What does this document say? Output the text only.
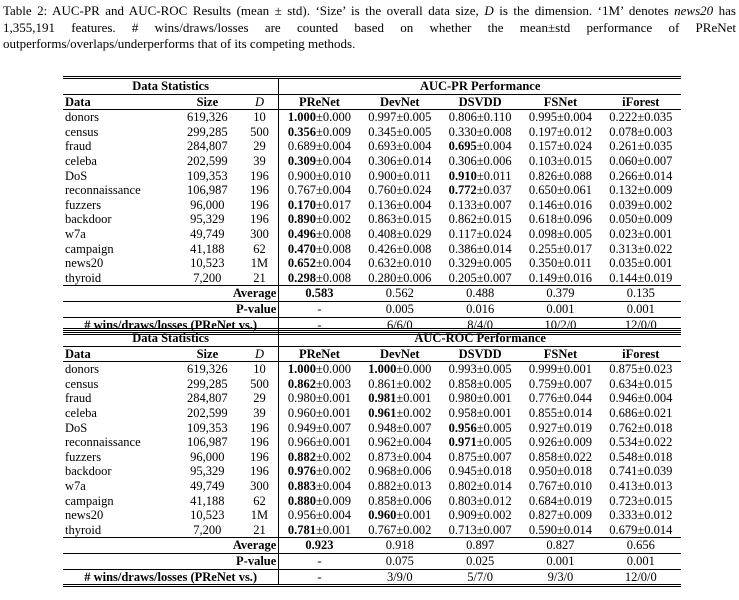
Table 2: AUC-PR and AUC-ROC Results (mean ± std). ‘Size’ is the overall data size, D is the dimension. ‘1M’ denotes news20 has 1,355,191 features. # wins/draws/losses are counted based on whether the mean±std performance of PReNet outperforms/overlaps/underperforms that of its competing methods.
Data Statistics			AUC-PR Performance				
Data	Size	D	PReNet	DevNet	DSVDD	FSNet	iForest
donors	619,326	10	1.000±0.000	0.997±0.005	0.806±0.110	0.995±0.004	0.222±0.035
census	299,285	500	0.356±0.009	0.345±0.005	0.330±0.008	0.197±0.012	0.078±0.003
fraud	284,807	29	0.689±0.004	0.693±0.004	0.695±0.004	0.157±0.024	0.261±0.035
celeba	202,599	39	0.309±0.004	0.306±0.014	0.306±0.006	0.103±0.015	0.060±0.007
DoS	109,353	196	0.900±0.010	0.900±0.011	0.910±0.011	0.826±0.088	0.266±0.014
reconnaissance	106,987	196	0.767±0.004	0.760±0.024	0.772±0.037	0.650±0.061	0.132±0.009
fuzzers	96,000	196	0.170±0.017	0.136±0.004	0.133±0.007	0.146±0.016	0.039±0.002
backdoor	95,329	196	0.890±0.002	0.863±0.015	0.862±0.015	0.618±0.096	0.050±0.009
w7a	49,749	300	0.496±0.008	0.408±0.029	0.117±0.024	0.098±0.005	0.023±0.001
campaign	41,188	62	0.470±0.008	0.426±0.008	0.386±0.014	0.255±0.017	0.313±0.022
news20	10,523	1M	0.652±0.004	0.632±0.010	0.329±0.005	0.350±0.011	0.035±0.001
thyroid	7,200	21	0.298±0.008	0.280±0.006	0.205±0.007	0.149±0.016	0.144±0.019
Average			0.583	0.562	0.488	0.379	0.135
P-value			-	0.005	0.016	0.001	0.001
# wins/draws/losses (PReNet vs.)			-	6/6/0	8/4/0	10/2/0	12/0/0
Data Statistics			AUC-ROC Performance				
Data	Size	D	PReNet	DevNet	DSVDD	FSNet	iForest
donors	619,326	10	1.000±0.000	1.000±0.000	0.993±0.005	0.999±0.001	0.875±0.023
census	299,285	500	0.862±0.003	0.861±0.002	0.858±0.005	0.759±0.007	0.634±0.015
fraud	284,807	29	0.980±0.001	0.981±0.001	0.980±0.001	0.776±0.044	0.946±0.004
celeba	202,599	39	0.960±0.001	0.961±0.002	0.958±0.001	0.855±0.014	0.686±0.021
DoS	109,353	196	0.949±0.007	0.948±0.007	0.956±0.005	0.927±0.019	0.762±0.018
reconnaissance	106,987	196	0.966±0.001	0.962±0.004	0.971±0.005	0.926±0.009	0.534±0.022
fuzzers	96,000	196	0.882±0.002	0.873±0.004	0.875±0.007	0.858±0.022	0.548±0.018
backdoor	95,329	196	0.976±0.002	0.968±0.006	0.945±0.018	0.950±0.018	0.741±0.039
w7a	49,749	300	0.883±0.004	0.882±0.013	0.802±0.014	0.767±0.010	0.413±0.013
campaign	41,188	62	0.880±0.009	0.858±0.006	0.803±0.012	0.684±0.019	0.723±0.015
news20	10,523	1M	0.956±0.004	0.960±0.001	0.909±0.002	0.827±0.009	0.333±0.012
thyroid	7,200	21	0.781±0.001	0.767±0.002	0.713±0.007	0.590±0.014	0.679±0.014
Average			0.923	0.918	0.897	0.827	0.656
P-value			-	0.075	0.025	0.001	0.001
# wins/draws/losses (PReNet vs.)			-	3/9/0	5/7/0	9/3/0	12/0/0
